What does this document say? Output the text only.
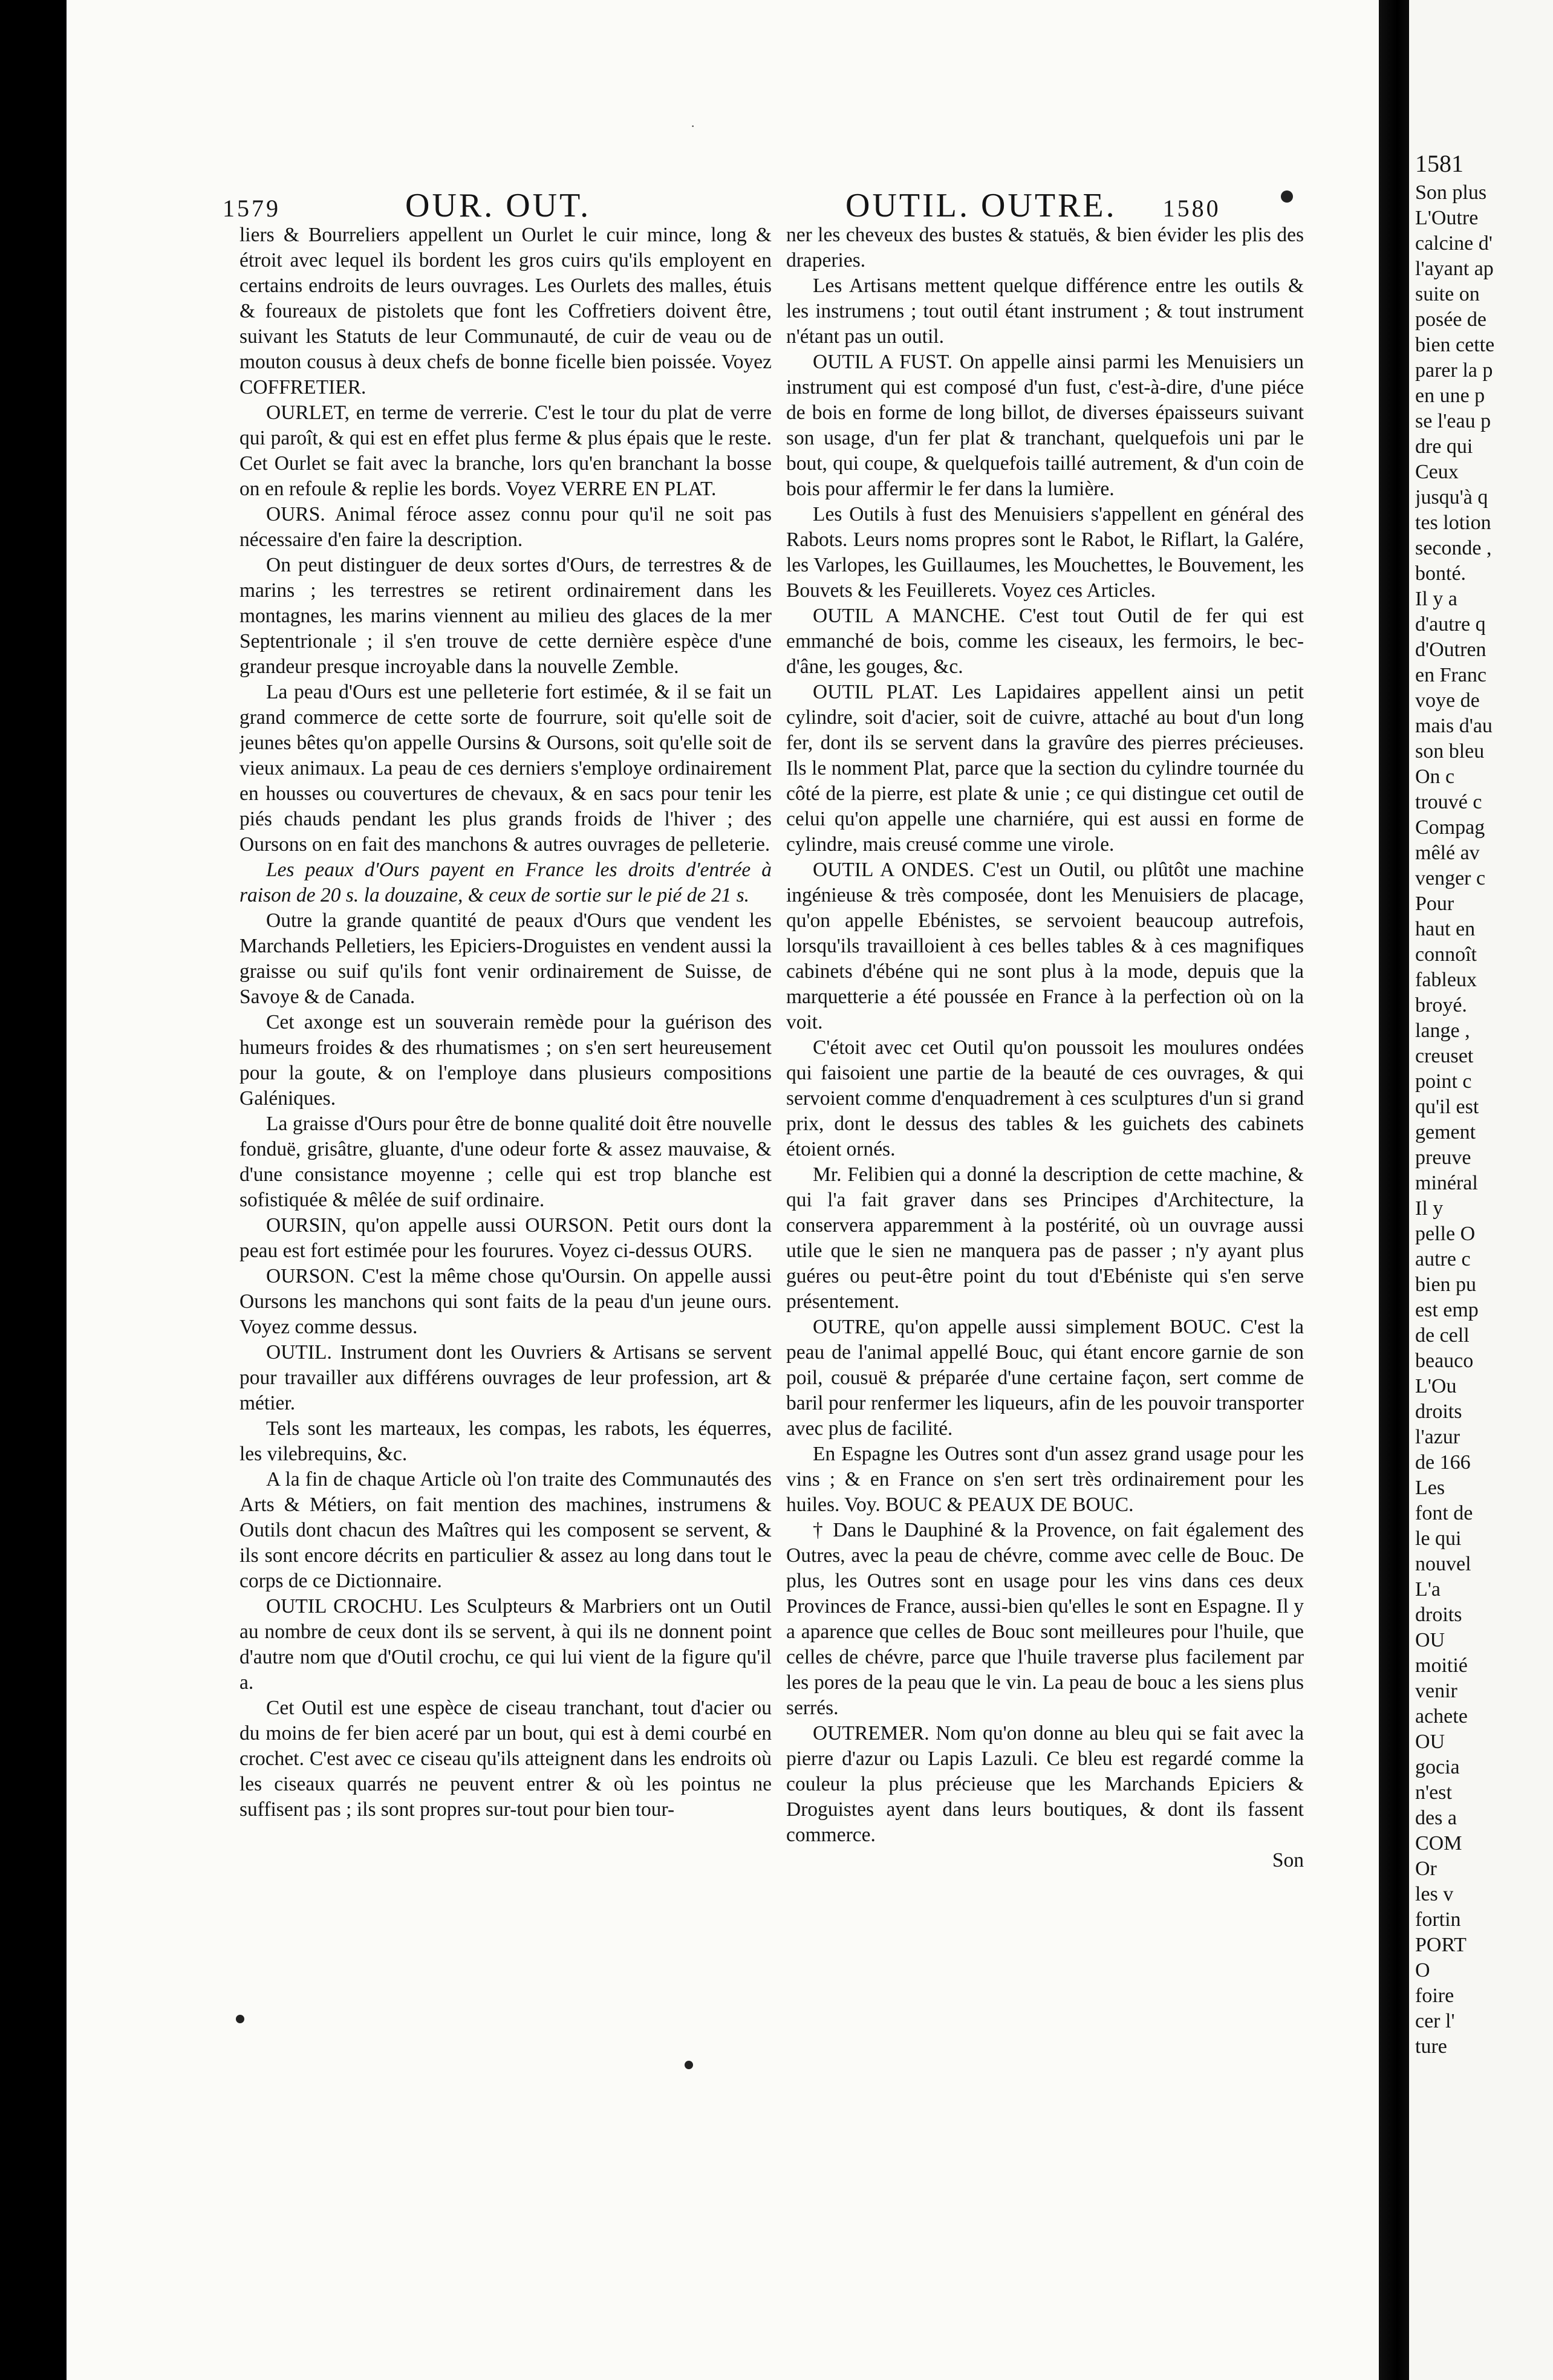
1579	OUR. OUT.	OUTIL. OUTRE. 1580

liers & Bourreliers appellent un Ourlet le cuir mince, long & étroit avec lequel ils bordent les gros cuirs qu'ils employent en certains endroits de leurs ouvrages. Les Ourlets des malles, étuis & foureaux de pistolets que font les Coffretiers doivent être, suivant les Statuts de leur Communauté, de cuir de veau ou de mouton cousus à deux chefs de bonne ficelle bien poissée. Voyez COFFRETIER.

OURLET, en terme de verrerie. C'est le tour du plat de verre qui paroît, & qui est en effet plus ferme & plus épais que le reste. Cet Ourlet se fait avec la branche, lors qu'en branchant la bosse on en refoule & replie les bords. Voyez VERRE EN PLAT.

OURS. Animal féroce assez connu pour qu'il ne soit pas nécessaire d'en faire la description.

On peut distinguer de deux sortes d'Ours, de terrestres & de marins ; les terrestres se retirent ordinairement dans les montagnes, les marins viennent au milieu des glaces de la mer Septentrionale ; il s'en trouve de cette dernière espèce d'une grandeur presque incroyable dans la nouvelle Zemble.

La peau d'Ours est une pelleterie fort estimée, & il se fait un grand commerce de cette sorte de fourrure, soit qu'elle soit de jeunes bêtes qu'on appelle Oursins & Oursons, soit qu'elle soit de vieux animaux. La peau de ces derniers s'employe ordinairement en housses ou couvertures de chevaux, & en sacs pour tenir les piés chauds pendant les plus grands froids de l'hiver ; des Oursons on en fait des manchons & autres ouvrages de pelleterie.

Les peaux d'Ours payent en France les droits d'entrée à raison de 20 s. la douzaine, & ceux de sortie sur le pié de 21 s.

Outre la grande quantité de peaux d'Ours que vendent les Marchands Pelletiers, les Epiciers-Droguistes en vendent aussi la graisse ou suif qu'ils font venir ordinairement de Suisse, de Savoye & de Canada.

Cet axonge est un souverain remède pour la guérison des humeurs froides & des rhumatismes ; on s'en sert heureusement pour la goute, & on l'employe dans plusieurs compositions Galéniques.

La graisse d'Ours pour être de bonne qualité doit être nouvelle fonduë, grisâtre, gluante, d'une odeur forte & assez mauvaise, & d'une consistance moyenne ; celle qui est trop blanche est sofistiquée & mêlée de suif ordinaire.

OURSIN, qu'on appelle aussi OURSON. Petit ours dont la peau est fort estimée pour les fourures. Voyez ci-dessus OURS.

OURSON. C'est la même chose qu'Oursin. On appelle aussi Oursons les manchons qui sont faits de la peau d'un jeune ours. Voyez comme dessus.

OUTIL. Instrument dont les Ouvriers & Artisans se servent pour travailler aux différens ouvrages de leur profession, art & métier.

Tels sont les marteaux, les compas, les rabots, les équerres, les vilebrequins, &c.

A la fin de chaque Article où l'on traite des Communautés des Arts & Métiers, on fait mention des machines, instrumens & Outils dont chacun des Maîtres qui les composent se servent, & ils sont encore décrits en particulier & assez au long dans tout le corps de ce Dictionnaire.

OUTIL CROCHU. Les Sculpteurs & Marbriers ont un Outil au nombre de ceux dont ils se servent, à qui ils ne donnent point d'autre nom que d'Outil crochu, ce qui lui vient de la figure qu'il a.

Cet Outil est une espèce de ciseau tranchant, tout d'acier ou du moins de fer bien aceré par un bout, qui est à demi courbé en crochet. C'est avec ce ciseau qu'ils atteignent dans les endroits où les ciseaux quarrés ne peuvent entrer & où les pointus ne suffisent pas ; ils sont propres sur-tout pour bien tour-

ner les cheveux des bustes & statuës, & bien évider les plis des draperies.

Les Artisans mettent quelque différence entre les outils & les instrumens ; tout outil étant instrument ; & tout instrument n'étant pas un outil.

OUTIL A FUST. On appelle ainsi parmi les Menuisiers un instrument qui est composé d'un fust, c'est-à-dire, d'une piéce de bois en forme de long billot, de diverses épaisseurs suivant son usage, d'un fer plat & tranchant, quelquefois uni par le bout, qui coupe, & quelquefois taillé autrement, & d'un coin de bois pour affermir le fer dans la lumière.

Les Outils à fust des Menuisiers s'appellent en général des Rabots. Leurs noms propres sont le Rabot, le Riflart, la Galére, les Varlopes, les Guillaumes, les Mouchettes, le Bouvement, les Bouvets & les Feuillerets. Voyez ces Articles.

OUTIL A MANCHE. C'est tout Outil de fer qui est emmanché de bois, comme les ciseaux, les fermoirs, le bec-d'âne, les gouges, &c.

OUTIL PLAT. Les Lapidaires appellent ainsi un petit cylindre, soit d'acier, soit de cuivre, attaché au bout d'un long fer, dont ils se servent dans la gravûre des pierres précieuses. Ils le nomment Plat, parce que la section du cylindre tournée du côté de la pierre, est plate & unie ; ce qui distingue cet outil de celui qu'on appelle une charniére, qui est aussi en forme de cylindre, mais creusé comme une virole.

OUTIL A ONDES. C'est un Outil, ou plûtôt une machine ingénieuse & très composée, dont les Menuisiers de placage, qu'on appelle Ebénistes, se servoient beaucoup autrefois, lorsqu'ils travailloient à ces belles tables & à ces magnifiques cabinets d'ébéne qui ne sont plus à la mode, depuis que la marquetterie a été poussée en France à la perfection où on la voit.

C'étoit avec cet Outil qu'on poussoit les moulures ondées qui faisoient une partie de la beauté de ces ouvrages, & qui servoient comme d'enquadrement à ces sculptures d'un si grand prix, dont le dessus des tables & les guichets des cabinets étoient ornés.

Mr. Felibien qui a donné la description de cette machine, & qui l'a fait graver dans ses Principes d'Architecture, la conservera apparemment à la postérité, où un ouvrage aussi utile que le sien ne manquera pas de passer ; n'y ayant plus guéres ou peut-être point du tout d'Ebénistе qui s'en serve présentement.

OUTRE, qu'on appelle aussi simplement BOUC. C'est la peau de l'animal appellé Bouc, qui étant encore garnie de son poil, cousuë & préparée d'une certaine façon, sert comme de baril pour renfermer les liqueurs, afin de les pouvoir transporter avec plus de facilité.

En Espagne les Outres sont d'un assez grand usage pour les vins ; & en France on s'en sert très ordinairement pour les huiles. Voy. BOUC & PEAUX DE BOUC.

† Dans le Dauphiné & la Provence, on fait également des Outres, avec la peau de chévre, comme avec celle de Bouc. De plus, les Outres sont en usage pour les vins dans ces deux Provinces de France, aussi-bien qu'elles le sont en Espagne. Il y a aparence que celles de Bouc sont meilleures pour l'huile, que celles de chévre, parce que l'huile traverse plus facilement par les pores de la peau que le vin. La peau de bouc a les siens plus serrés.

OUTREMER. Nom qu'on donne au bleu qui se fait avec la pierre d'azur ou Lapis Lazuli. Ce bleu est regardé comme la couleur la plus précieuse que les Marchands Epiciers & Droguistes ayent dans leurs boutiques, & dont ils fassent commerce.

Son

1581
Son plus
L'Outre
calcine d'
l'ayant ap
suite on
posée de
bien cette
parer la p
en une p
se l'eau p
dre qui
Ceux
jusqu'à q
tes lotion
seconde ,
bonté.
Il y a
d'autre q
d'Outren
en Franc
voye de
mais d'au
son bleu
On c
trouvé c
Compag
mêlé av
venger c
Pour
haut en
connoît
fableux
broyé.
lange ,
creuset
point c
qu'il est
gement
preuve
minéral
Il y
pelle O
autre c
bien pu
est emp
de cell
beauco
L'Ou
droits
l'azur
de 166
Les
font de
le qui
nouvel
L'a
droits
OU
moitié
venir
achete
OU
gocia
n'est
des a
COM
Or
les v
fortin
PORT
O
foire
cer l'
ture
·
